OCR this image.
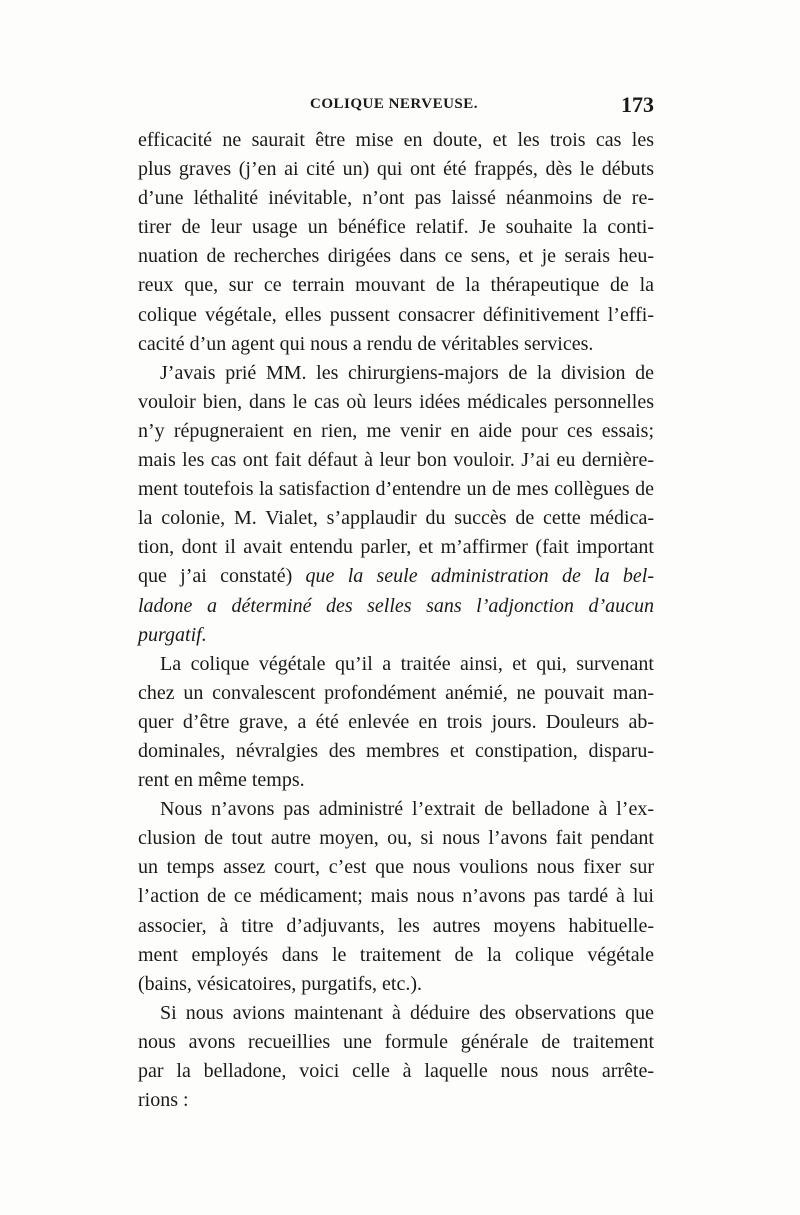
COLIQUE NERVEUSE.	173
efficacité ne saurait être mise en doute, et les trois cas les
plus graves (j’en ai cité un) qui ont été frappés, dès le débuts
d’une léthalité inévitable, n’ont pas laissé néanmoins de re-
tirer de leur usage un bénéfice relatif. Je souhaite la conti-
nuation de recherches dirigées dans ce sens, et je serais heu-
reux que, sur ce terrain mouvant de la thérapeutique de la
colique végétale, elles pussent consacrer définitivement l’effi-
cacité d’un agent qui nous a rendu de véritables services.
J’avais prié MM. les chirurgiens-majors de la division de
vouloir bien, dans le cas où leurs idées médicales personnelles
n’y répugneraient en rien, me venir en aide pour ces essais;
mais les cas ont fait défaut à leur bon vouloir. J’ai eu dernière-
ment toutefois la satisfaction d’entendre un de mes collègues de
la colonie, M. Vialet, s’applaudir du succès de cette médica-
tion, dont il avait entendu parler, et m’affirmer (fait important
que j’ai constaté) que la seule administration de la bel-
ladone a déterminé des selles sans l’adjonction d’aucun
purgatif.
La colique végétale qu’il a traitée ainsi, et qui, survenant
chez un convalescent profondément anémié, ne pouvait man-
quer d’être grave, a été enlevée en trois jours. Douleurs ab-
dominales, névralgies des membres et constipation, disparu-
rent en même temps.
Nous n’avons pas administré l’extrait de belladone à l’ex-
clusion de tout autre moyen, ou, si nous l’avons fait pendant
un temps assez court, c’est que nous voulions nous fixer sur
l’action de ce médicament; mais nous n’avons pas tardé à lui
associer, à titre d’adjuvants, les autres moyens habituelle-
ment employés dans le traitement de la colique végétale
(bains, vésicatoires, purgatifs, etc.).
Si nous avions maintenant à déduire des observations que
nous avons recueillies une formule générale de traitement
par la belladone, voici celle à laquelle nous nous arrête-
rions :
